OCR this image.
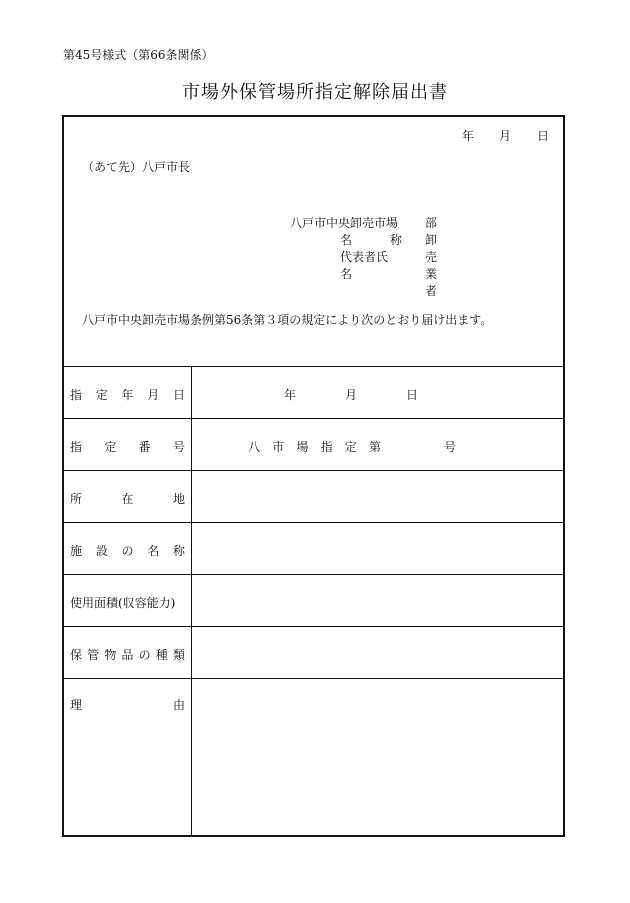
第45号様式（第66条関係）
市場外保管場所指定解除届出書
年 月 日
（あて先）八戸市長
八戸市中央卸売市場 部卸売業者
名	称
代表者氏名
八戸市中央卸売市場条例第56条第３項の規定により次のとおり届け出ます。
指 定 年 月 日	年	月	日
指 定 番 号	八 市 場 指 定 第	号
所	在	地
施 設 の 名 称
使用面積(収容能力)
保 管 物 品 の 種 類
理	由
